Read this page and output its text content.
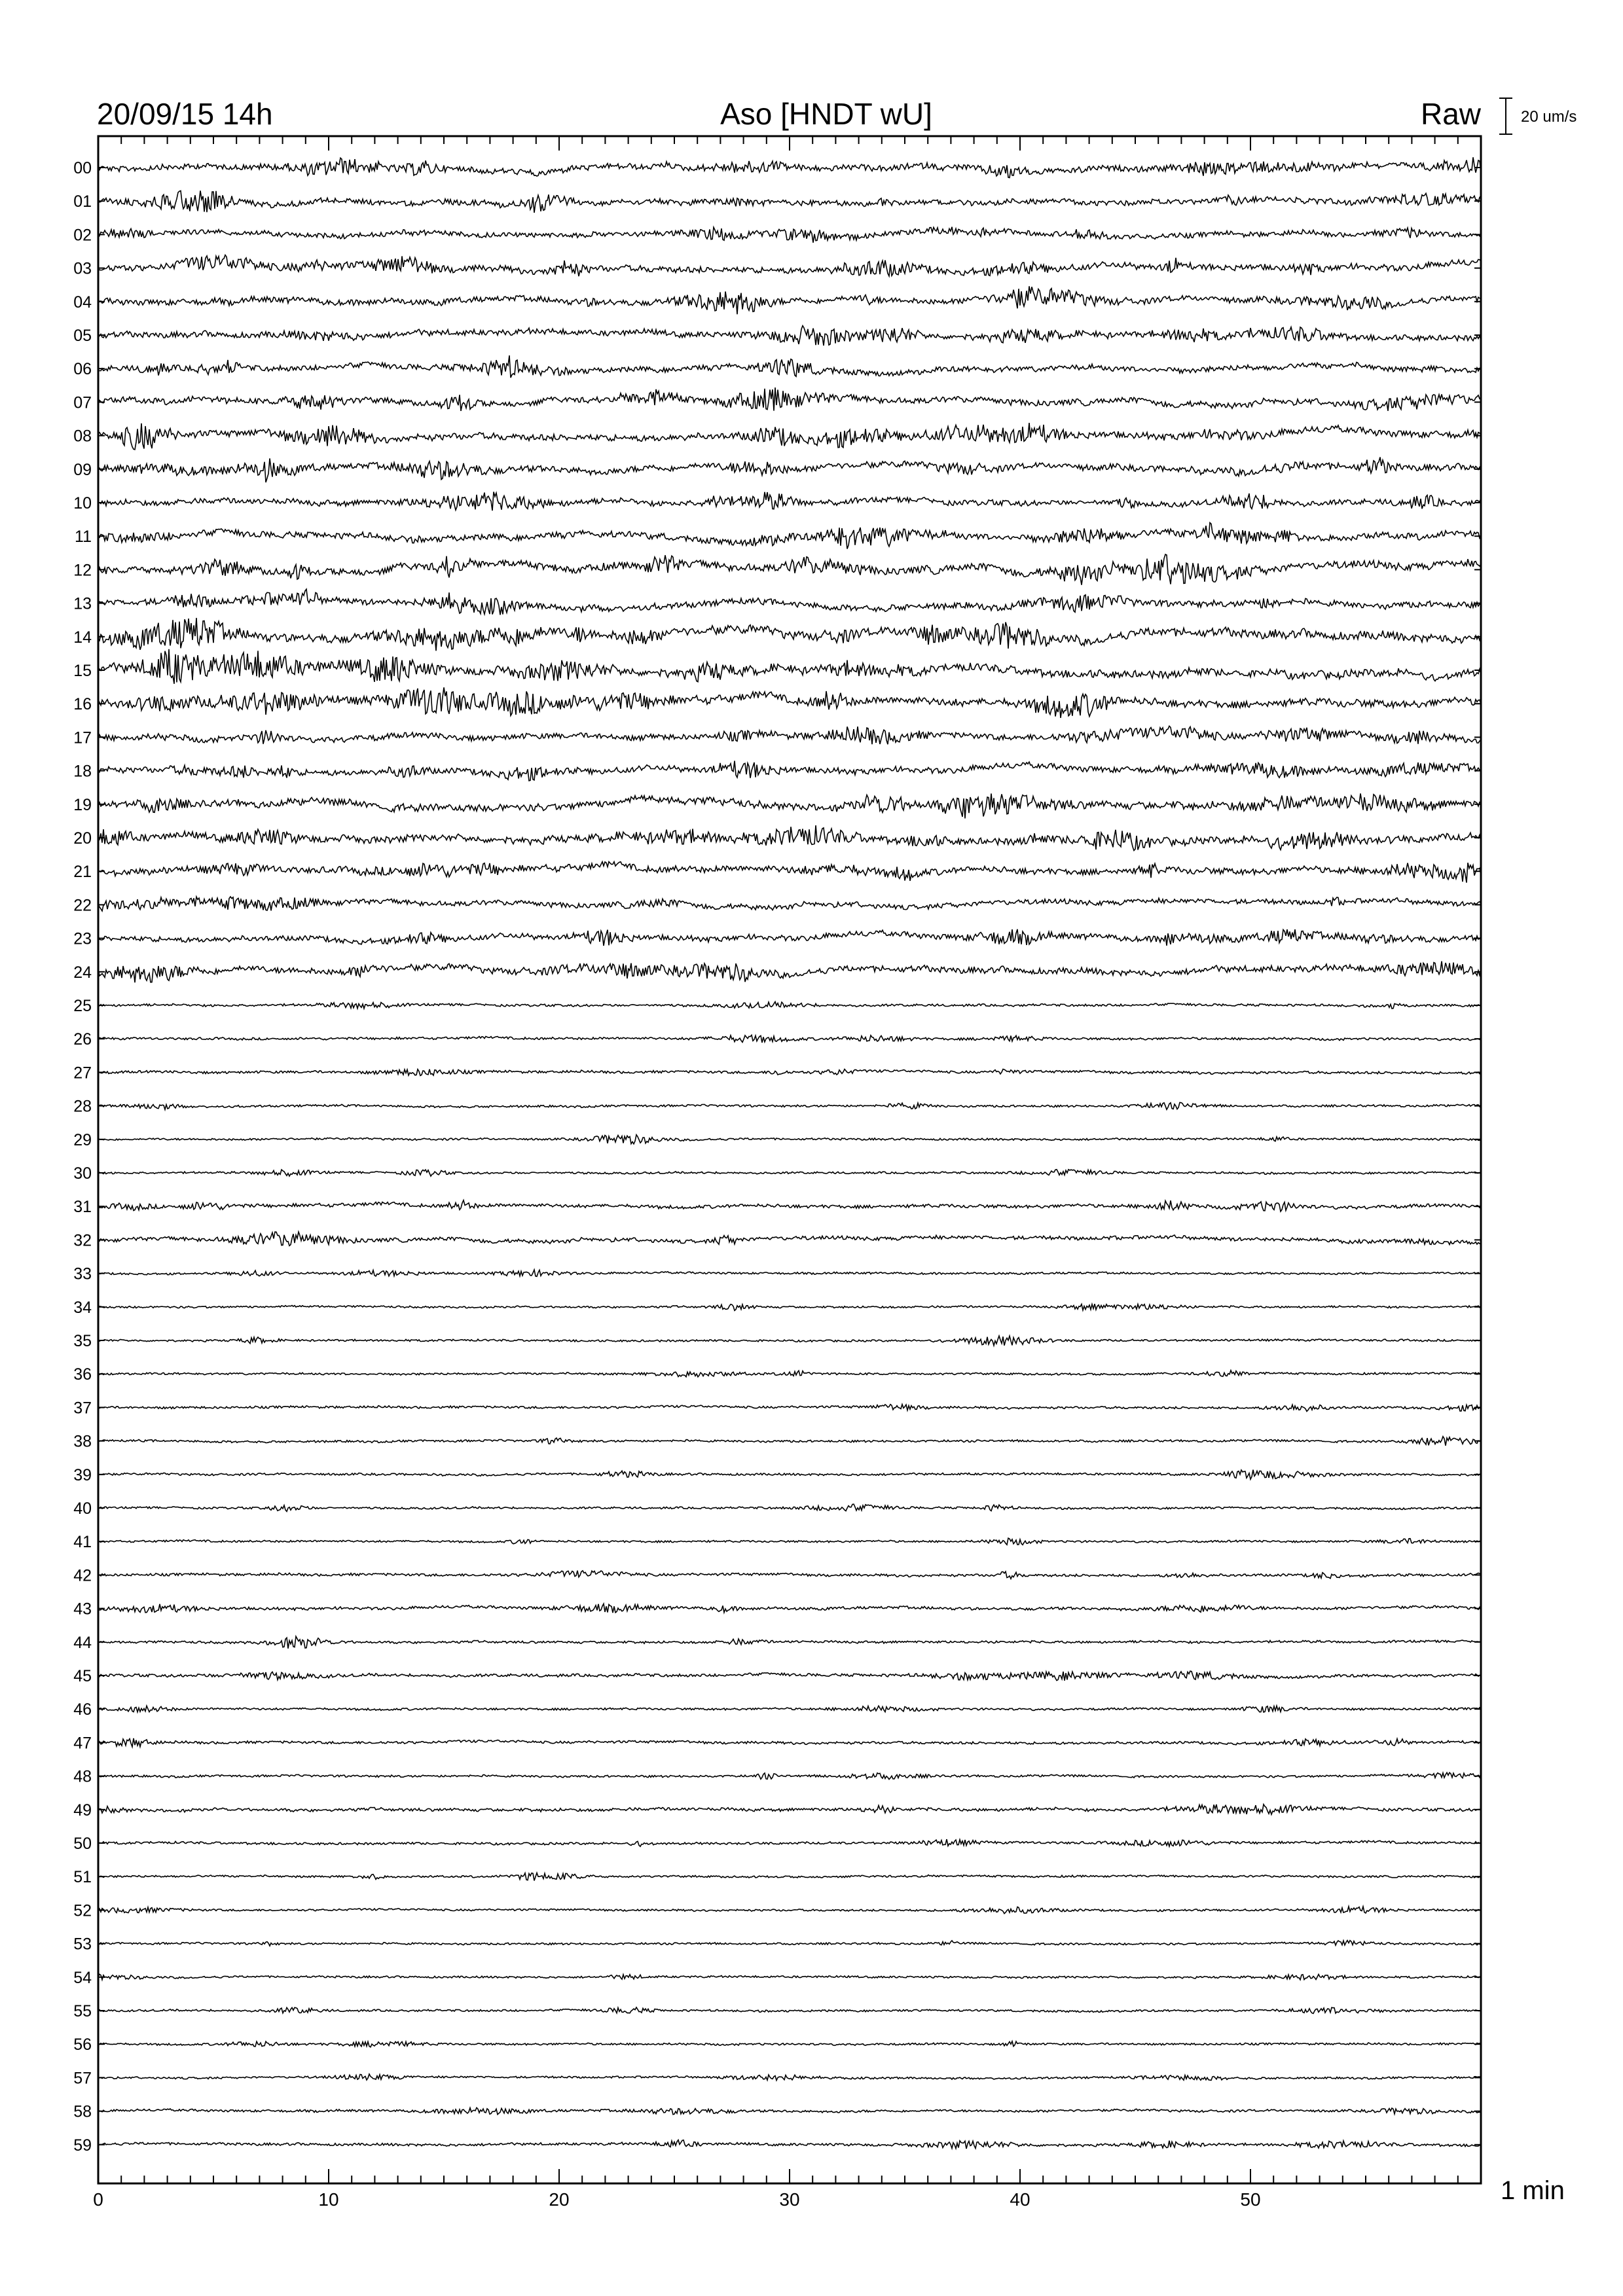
20/09/15 14h	Aso [HNDT wU]	Raw	20 um/s
00
01
02
03
04
05
06
07
08
09
10
11
12
13
14
15
16
17
18
19
20
21
22
23
24
25
26
27
28
29
30
31
32
33
34
35
36
37
38
39
40
41
42
43
44
45
46
47
48
49
50
51
52
53
54
55
56
57
58
59
0	10	20	30	40	50	1 min
